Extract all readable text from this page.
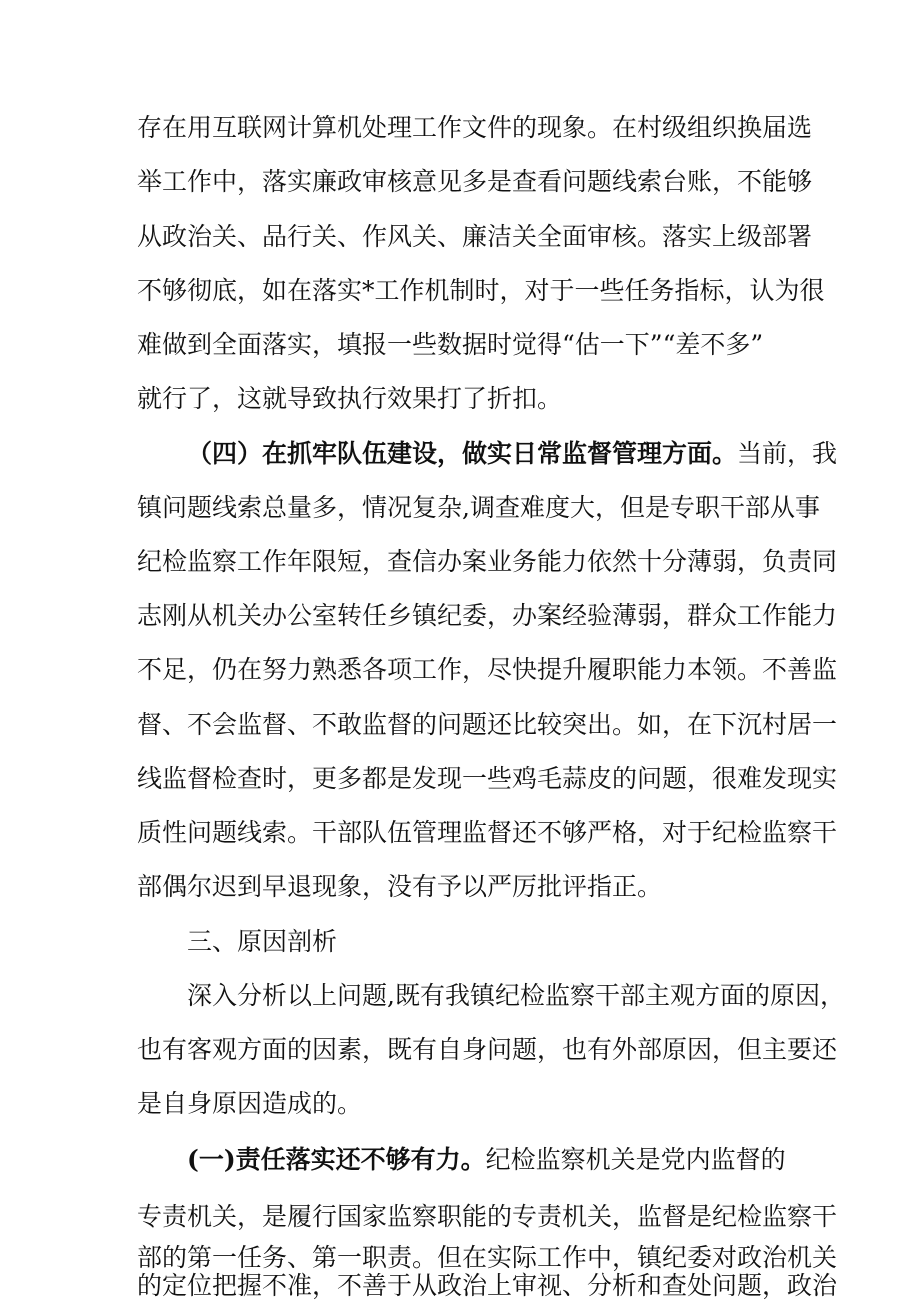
存在用互联网计算机处理工作文件的现象。在村级组织换届选
举工作中，落实廉政审核意见多是查看问题线索台账，不能够
从政治关、品行关、作风关、廉洁关全面审核。落实上级部署
不够彻底，如在落实*工作机制时，对于一些任务指标，认为很
难做到全面落实，填报一些数据时觉得“估一下”“差不多”
就行了，这就导致执行效果打了折扣。
（四）在抓牢队伍建设，做实日常监督管理方面。当前，我
镇问题线索总量多，情况复杂,调查难度大，但是专职干部从事
纪检监察工作年限短，查信办案业务能力依然十分薄弱，负责同
志刚从机关办公室转任乡镇纪委，办案经验薄弱，群众工作能力
不足，仍在努力熟悉各项工作，尽快提升履职能力本领。不善监
督、不会监督、不敢监督的问题还比较突出。如，在下沉村居一
线监督检查时，更多都是发现一些鸡毛蒜皮的问题，很难发现实
质性问题线索。干部队伍管理监督还不够严格，对于纪检监察干
部偶尔迟到早退现象，没有予以严厉批评指正。
三、原因剖析
深入分析以上问题,既有我镇纪检监察干部主观方面的原因，
也有客观方面的因素，既有自身问题，也有外部原因，但主要还
是自身原因造成的。
(一)责任落实还不够有力。纪检监察机关是党内监督的
专责机关，是履行国家监察职能的专责机关，监督是纪检监察干
部的第一任务、第一职责。但在实际工作中，镇纪委对政治机关
的定位把握不准，不善于从政治上审视、分析和查处问题，政治
